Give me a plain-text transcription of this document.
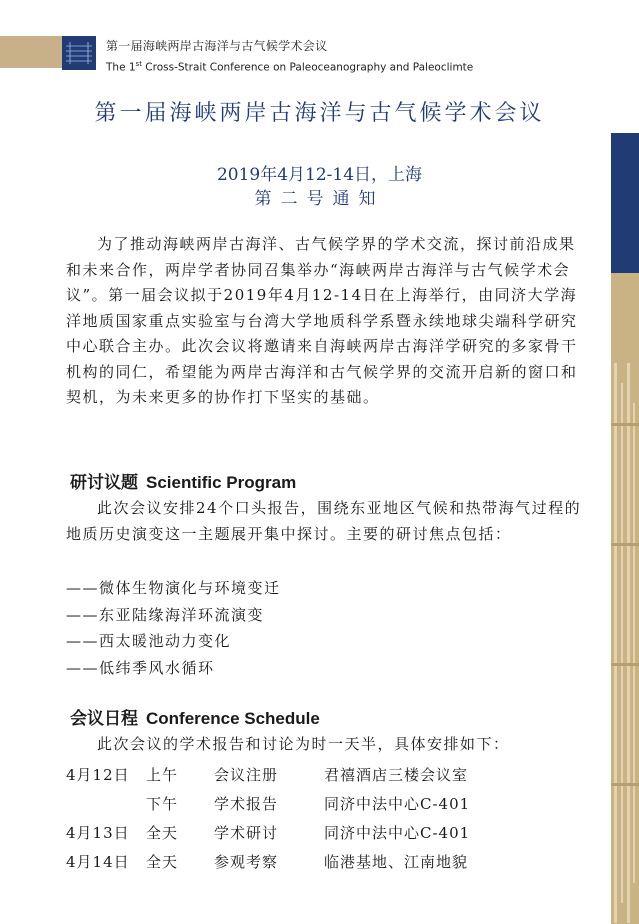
第一届海峡两岸古海洋与古气候学术会议
The 1st Cross-Strait Conference on Paleoceanography and Paleoclimte
第一届海峡两岸古海洋与古气候学术会议
2019年4月12-14日，上海
第二号通知

为了推动海峡两岸古海洋、古气候学界的学术交流，探讨前沿成果和未来合作，两岸学者协同召集举办“海峡两岸古海洋与古气候学术会议”。第一届会议拟于2019年4月12-14日在上海举行，由同济大学海洋地质国家重点实验室与台湾大学地质科学系暨永续地球尖端科学研究中心联合主办。此次会议将邀请来自海峡两岸古海洋学研究的多家骨干机构的同仁，希望能为两岸古海洋和古气候学界的交流开启新的窗口和契机，为未来更多的协作打下坚实的基础。

研讨议题 Scientific Program

此次会议安排24个口头报告，围绕东亚地区气候和热带海气过程的地质历史演变这一主题展开集中探讨。主要的研讨焦点包括：

——微体生物演化与环境变迁
——东亚陆缘海洋环流演变
——西太暖池动力变化
——低纬季风水循环
会议日程 Conference Schedule
此次会议的学术报告和讨论为时一天半，具体安排如下：
4月12日	上午	会议注册	君禧酒店三楼会议室
	下午	学术报告	同济中法中心C-401
4月13日	全天	学术研讨	同济中法中心C-401
4月14日	全天	参观考察	临港基地、江南地貌
